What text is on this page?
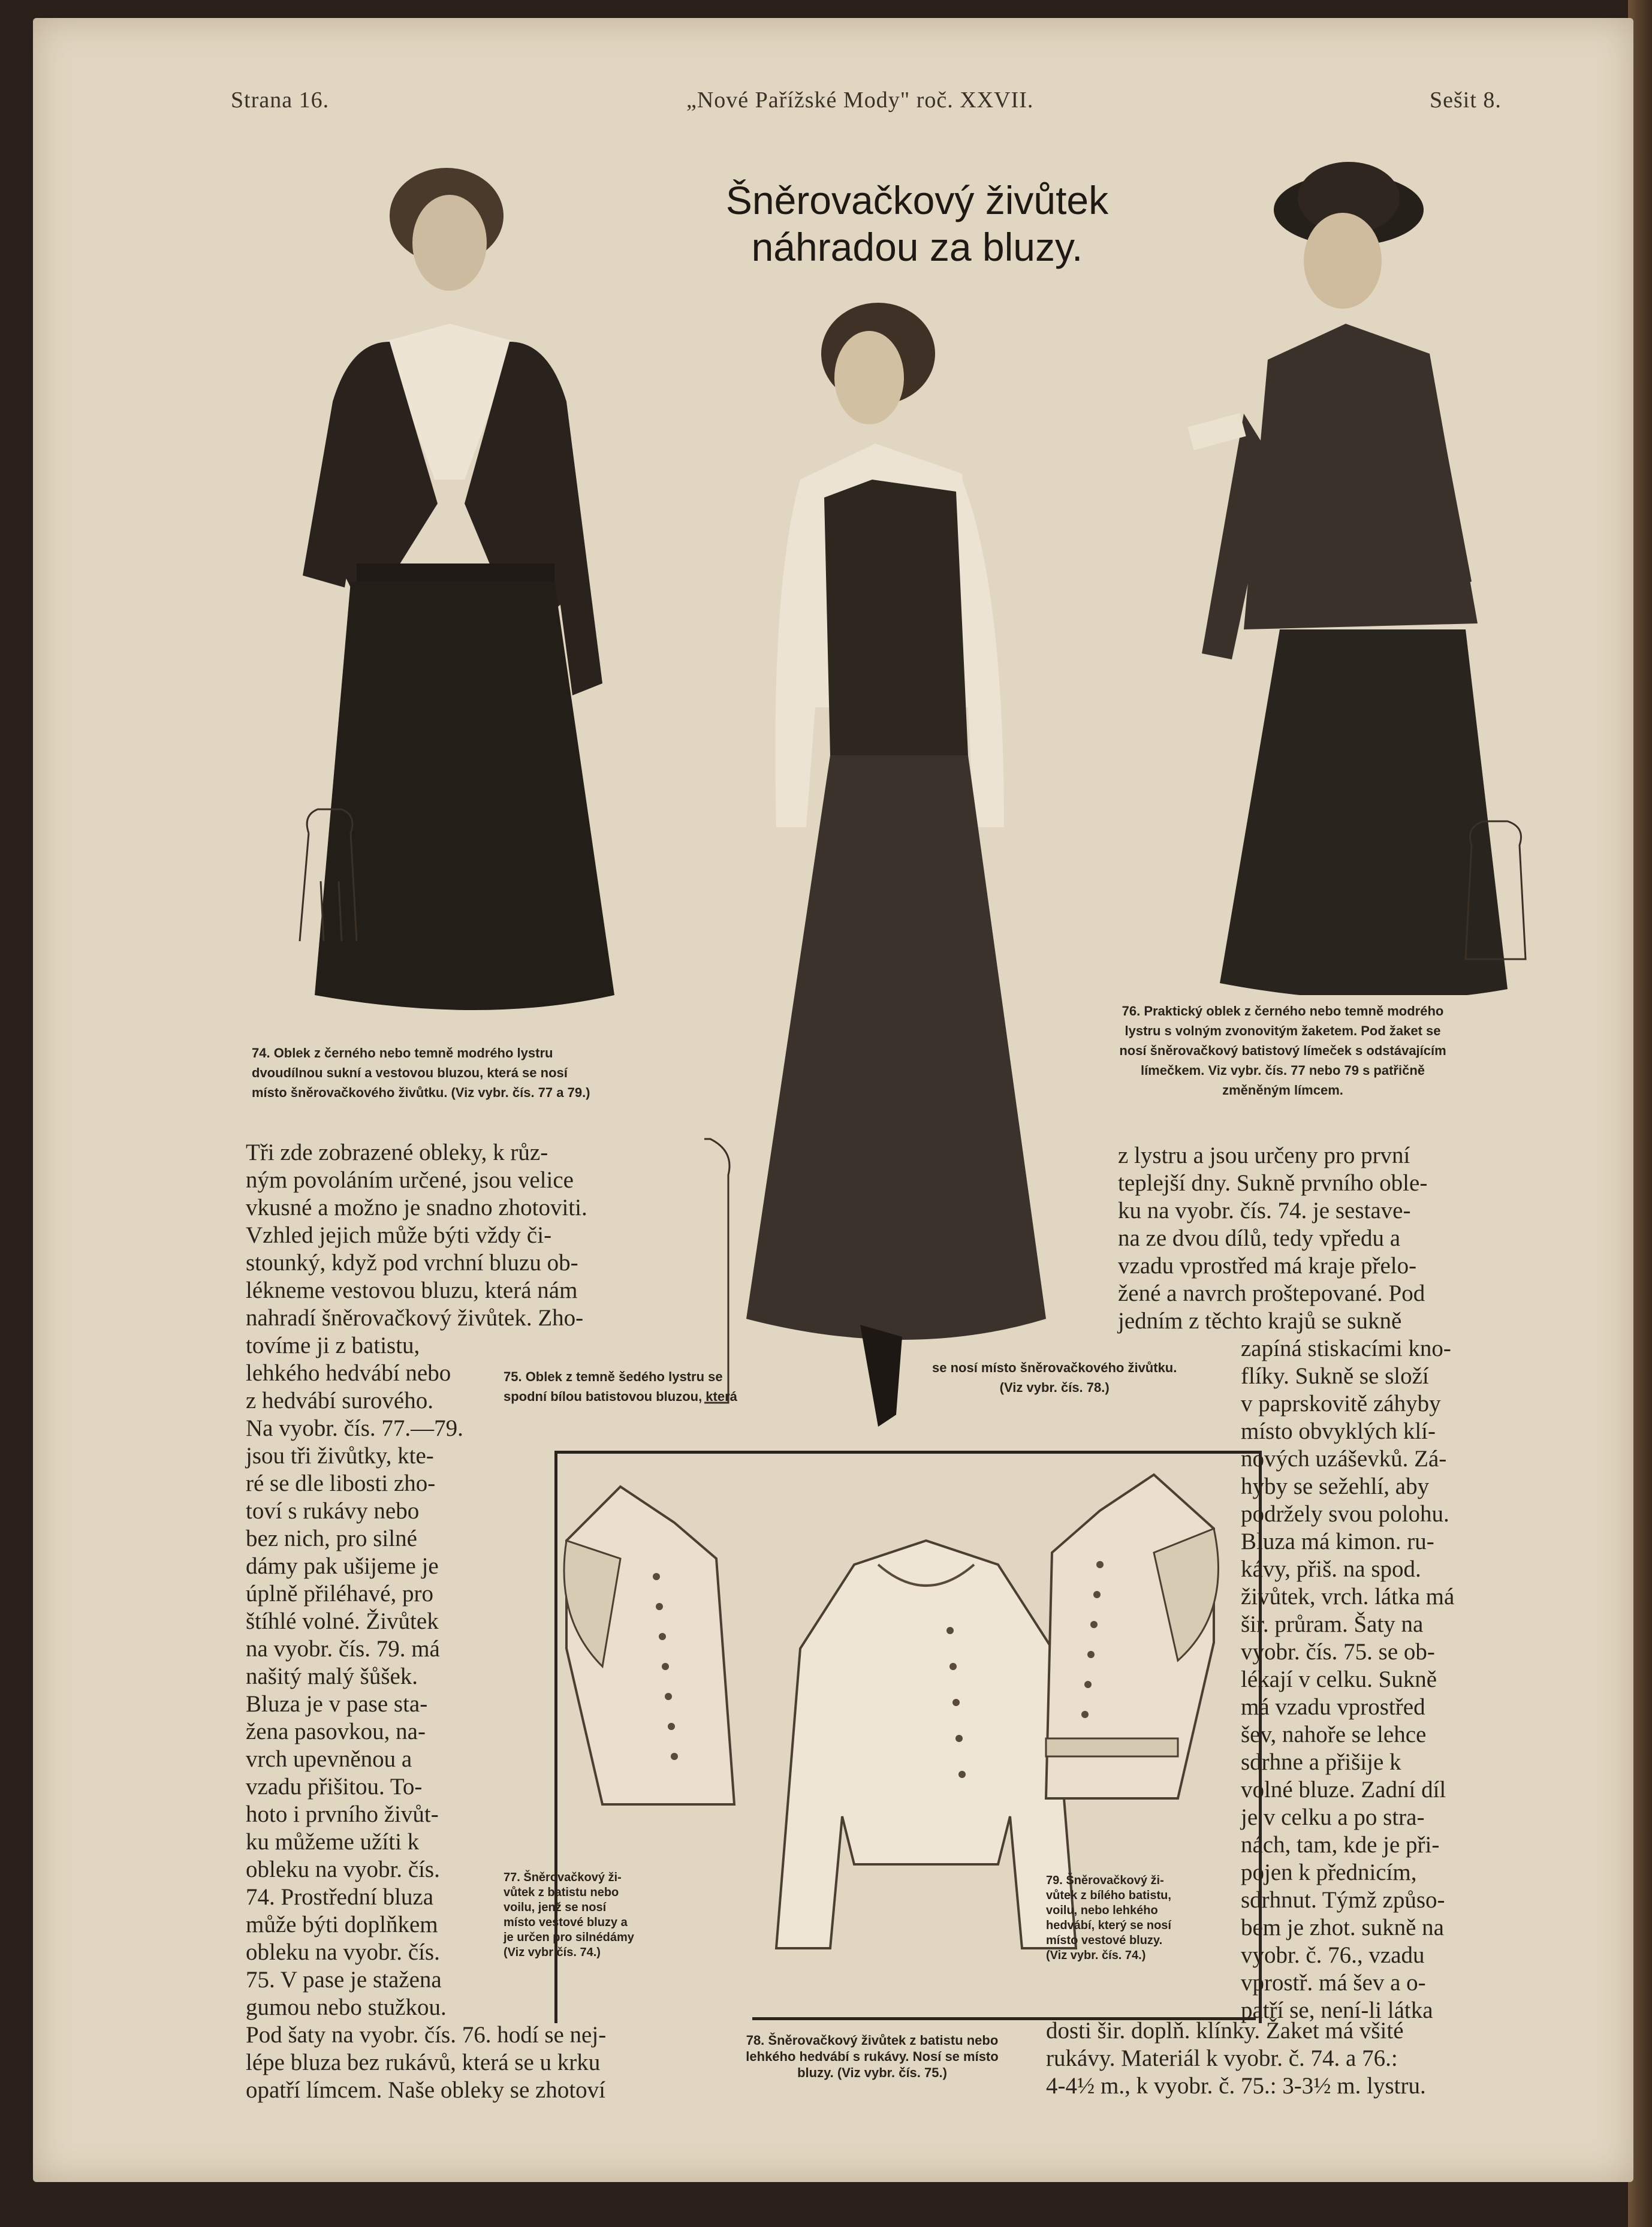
Strana 16.	„Nové Pařížské Mody" roč. XXVII.	Sešit 8.
Šněrovačkový živůtek
náhradou za bluzy.
74. Oblek z černého nebo temně modrého lystru
dvoudílnou sukní a vestovou bluzou, která se nosí
místo šněrovačkového živůtku. (Viz vybr. čís. 77 a 79.)
75. Oblek z temně šedého lystru se
spodní bílou batistovou bluzou, která
se nosí místo šněrovačkového živůtku.
(Viz vybr. čís. 78.)
76. Praktický oblek z černého nebo temně modrého
lystru s volným zvonovitým žaketem. Pod žaket se
nosí šněrovačkový batistový límeček s odstávajícím
límečkem. Viz vybr. čís. 77 nebo 79 s patřičně
změněným límcem.
77. Šněrovačkový ži-
vůtek z batistu nebo
voilu, jenž se nosí
místo vestové bluzy a
je určen pro silnédámy
(Viz vybr čís. 74.)
78. Šněrovačkový živůtek z batistu nebo
lehkého hedvábí s rukávy. Nosí se místo
bluzy. (Viz vybr. čís. 75.)
79. Šněrovačkový ži-
vůtek z bílého batistu,
voilu, nebo lehkého
hedvábí, který se nosí
místo vestové bluzy.
(Viz vybr. čís. 74.)
Tři zde zobrazené obleky, k růz-
ným povoláním určené, jsou velice
vkusné a možno je snadno zhotoviti.
Vzhled jejich může býti vždy či-
stounký, když pod vrchní bluzu ob-
lékneme vestovou bluzu, která nám
nahradí šněrovačkový živůtek. Zho-
tovíme ji z batistu,
lehkého hedvábí nebo
z hedvábí surového.
Na vyobr. čís. 77.—79.
jsou tři živůtky, kte-
ré se dle libosti zho-
toví s rukávy nebo
bez nich, pro silné
dámy pak ušijeme je
úplně přiléhavé, pro
štíhlé volné. Živůtek
na vyobr. čís. 79. má
našitý malý šůšek.
Bluza je v pase sta-
žena pasovkou, na-
vrch upevněnou a
vzadu přišitou. To-
hoto i prvního živůt-
ku můžeme užíti k
obleku na vyobr. čís.
74. Prostřední bluza
může býti doplňkem
obleku na vyobr. čís.
75. V pase je stažena
gumou nebo stužkou.
Pod šaty na vyobr. čís. 76. hodí se nej-
lépe bluza bez rukávů, která se u krku
opatří límcem. Naše obleky se zhotoví
z lystru a jsou určeny pro první
teplejší dny. Sukně prvního oble-
ku na vyobr. čís. 74. je sestave-
na ze dvou dílů, tedy vpředu a
vzadu vprostřed má kraje přelo-
žené a navrch proštepované. Pod
jedním z těchto krajů se sukně
zapíná stiskacími kno-
flíky. Sukně se složí
v paprskovitě záhyby
místo obvyklých klí-
nových uzáševků. Zá-
hyby se sežehlí, aby
podržely svou polohu.
Bluza má kimon. ru-
kávy, přiš. na spod.
živůtek, vrch. látka má
šir. průram. Šaty na
vyobr. čís. 75. se ob-
lékají v celku. Sukně
má vzadu vprostřed
šev, nahoře se lehce
sdrhne a přišije k
volné bluze. Zadní díl
je v celku a po stra-
nách, tam, kde je při-
pojen k přednicím,
sdrhnut. Týmž způso-
bem je zhot. sukně na
vyobr. č. 76., vzadu
vprostř. má šev a o-
patří se, není-li látka
dosti šir. doplň. klínky. Žaket má všité
rukávy. Materiál k vyobr. č. 74. a 76.:
4-4½ m., k vyobr. č. 75.: 3-3½ m. lystru.
